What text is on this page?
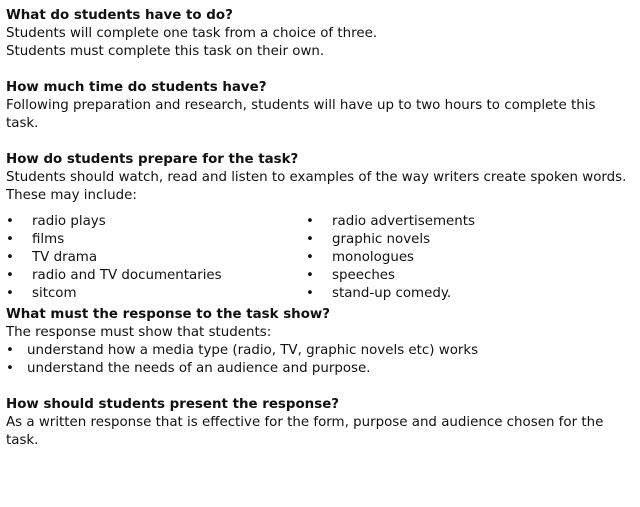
What do students have to do?

Students will complete one task from a choice of three.

Students must complete this task on their own.

How much time do students have?

Following preparation and research, students will have up to two hours to complete this task.

How do students prepare for the task?

Students should watch, read and listen to examples of the way writers create spoken words. These may include:

• radio plays
• films
• TV drama
• radio and TV documentaries
• sitcom
• radio advertisements
• graphic novels
• monologues
• speeches
• stand-up comedy.

What must the response to the task show?

The response must show that students:

• understand how a media type (radio, TV, graphic novels etc) works
• understand the needs of an audience and purpose.

How should students present the response?

As a written response that is effective for the form, purpose and audience chosen for the task.
